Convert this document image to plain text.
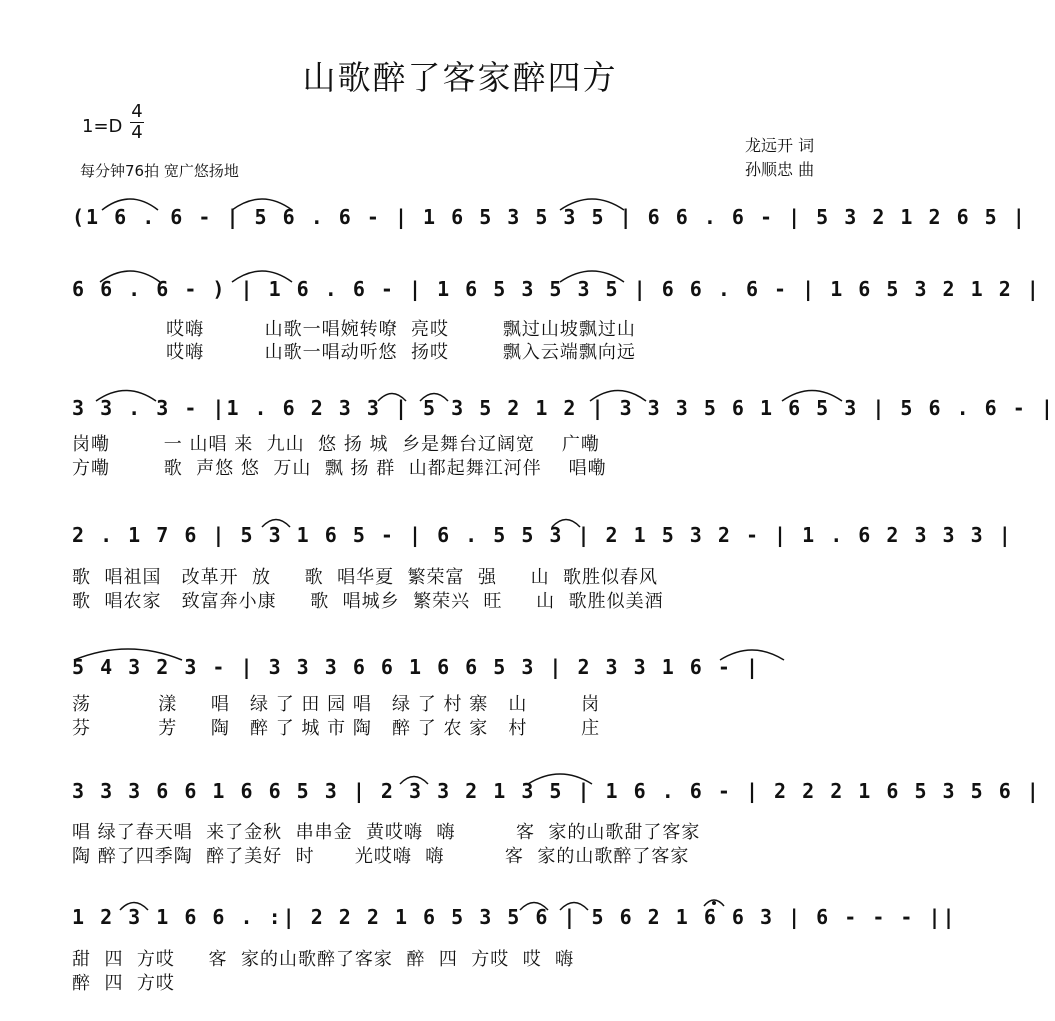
山歌醉了客家醉四方
1=D
4
4
每分钟76拍 宽广悠扬地
龙远开 词
孙顺忠 曲
(1 6 . 6 - | 5 6 . 6 - | 1 6 5 3 5 3 5 | 6 6 . 6 - | 5 3 2 1 2 6 5 |
6 6 . 6 - ) | 1 6 . 6 - | 1 6 5 3 5 3 5 | 6 6 . 6 - | 1 6 5 3 2 1 2 |
哎嗨         山歌一唱婉转嘹  亮哎        飘过山坡飘过山
哎嗨         山歌一唱动听悠  扬哎        飘入云端飘向远
3 3 . 3 - |1 . 6 2 3 3 | 5 3 5 2 1 2 | 3 3 3 5 6 1 6 5 3 | 5 6 . 6 - |
岗嘞        一 山唱 来  九山  悠 扬 城  乡是舞台辽阔宽    广嘞
方嘞        歌  声悠 悠  万山  飘 扬 群  山都起舞江河伴    唱嘞
2 . 1 7 6 | 5 3 1 6 5 - | 6 . 5 5 3 | 2 1 5 3 2 - | 1 . 6 2 3 3 3 |
歌  唱祖国   改革开  放     歌  唱华夏  繁荣富  强     山  歌胜似春风
歌  唱农家   致富奔小康     歌  唱城乡  繁荣兴  旺     山  歌胜似美酒
5 4 3 2 3 - | 3 3 3 6 6 1 6 6 5 3 | 2 3 3 1 6 - |
荡          漾     唱   绿 了 田 园 唱   绿 了 村 寨   山        岗
芬          芳     陶   醉 了 城 市 陶   醉 了 农 家   村        庄
3 3 3 6 6 1 6 6 5 3 | 2 3 3 2 1 3 5 | 1 6 . 6 - | 2 2 2 1 6 5 3 5 6 |
唱 绿了春天唱  来了金秋  串串金  黄哎嗨  嗨         客  家的山歌甜了客家
陶 醉了四季陶  醉了美好  时      光哎嗨  嗨         客  家的山歌醉了客家
1 2 3 1 6 6 . :| 2 2 2 1 6 5 3 5 6 | 5 6 2 1 6 6 3 | 6 - - - ||
甜  四  方哎     客  家的山歌醉了客家  醉  四  方哎  哎  嗨
醉  四  方哎
